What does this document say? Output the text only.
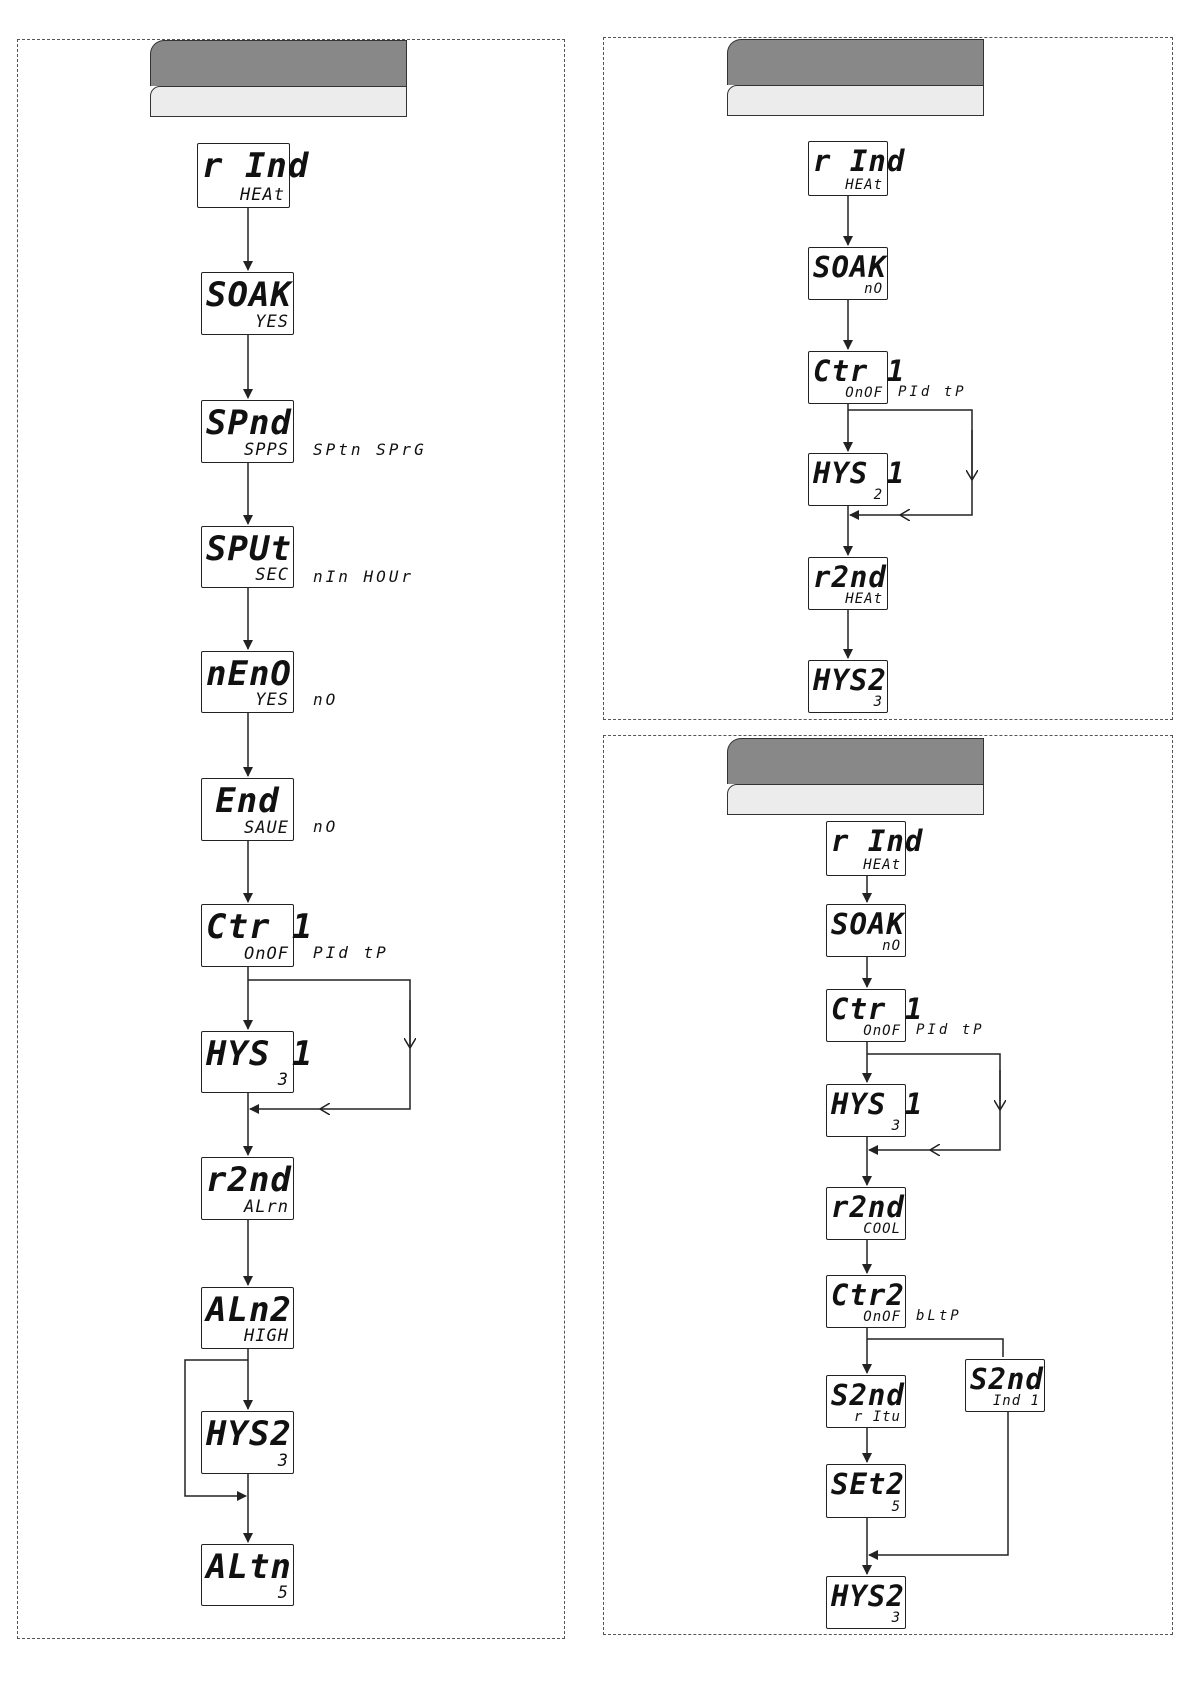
r Ind
HEAt
SOAK
YES
SPnd
SPPS SPtn SPrG
SPUt
SEC nIn HOUr
nEnO
YES nO
End
SAUE nO
Ctr 1
OnOF PId tP
HYS 1
3
r2nd
ALrn
ALn2
HIGH
HYS2
3
ALtn
5
r Ind
HEAt
SOAK
nO
Ctr 1
OnOF PId tP
HYS 1
2
r2nd
HEAt
HYS2
3
r Ind
HEAt
SOAK
nO
Ctr 1
OnOF PId tP
HYS 1
3
r2nd
COOL
Ctr2
OnOF bLtP
S2nd
r Itu
S2nd
Ind 1
SEt2
5
HYS2
3
